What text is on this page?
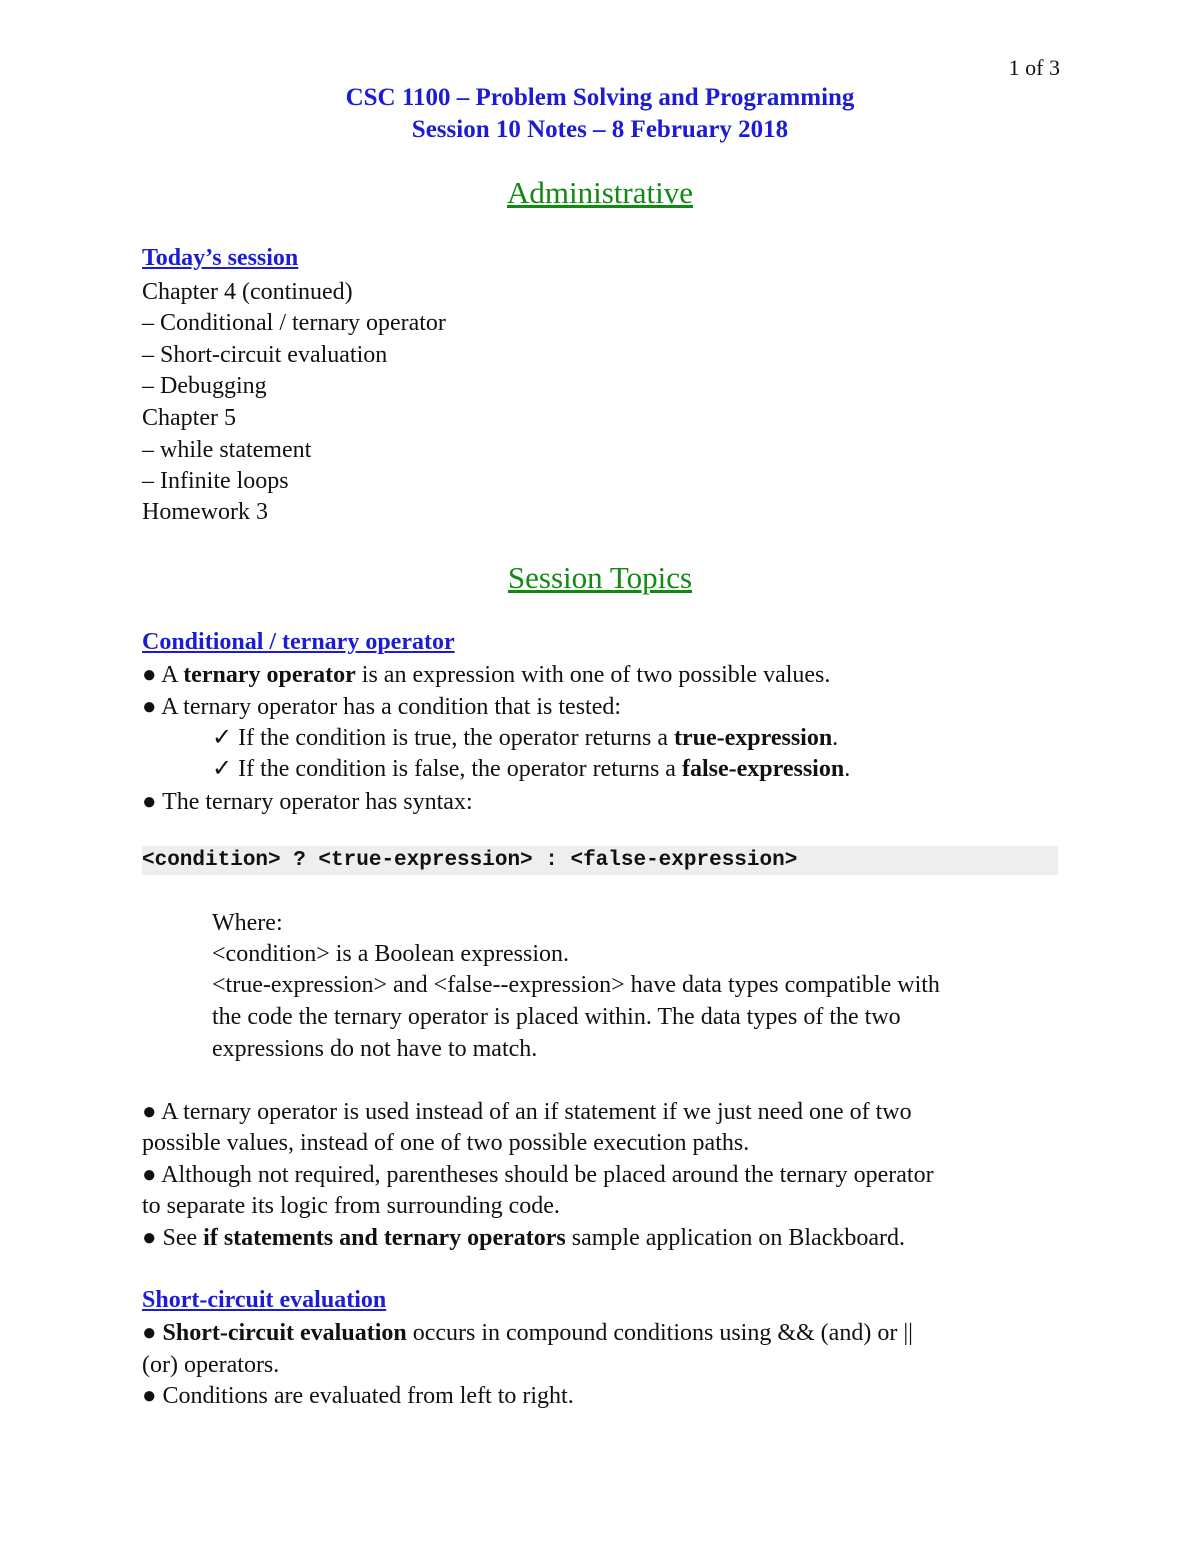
1 of 3
CSC 1100 – Problem Solving and Programming
Session 10 Notes – 8 February 2018
Administrative
Today’s session
Chapter 4 (continued)
– Conditional / ternary operator
– Short-circuit evaluation
– Debugging
Chapter 5
– while statement
– Infinite loops
Homework 3
Session Topics
Conditional / ternary operator
● A ternary operator is an expression with one of two possible values.
● A ternary operator has a condition that is tested:
✓ If the condition is true, the operator returns a true-expression.
✓ If the condition is false, the operator returns a false-expression.
● The ternary operator has syntax:
<condition> ? <true-expression> : <false-expression>
Where:
<condition> is a Boolean expression.
<true-expression> and <false--expression> have data types compatible with
the code the ternary operator is placed within. The data types of the two
expressions do not have to match.
● A ternary operator is used instead of an if statement if we just need one of two
possible values, instead of one of two possible execution paths.
● Although not required, parentheses should be placed around the ternary operator
to separate its logic from surrounding code.
● See if statements and ternary operators sample application on Blackboard.
Short-circuit evaluation
● Short-circuit evaluation occurs in compound conditions using && (and) or ||
(or) operators.
● Conditions are evaluated from left to right.
